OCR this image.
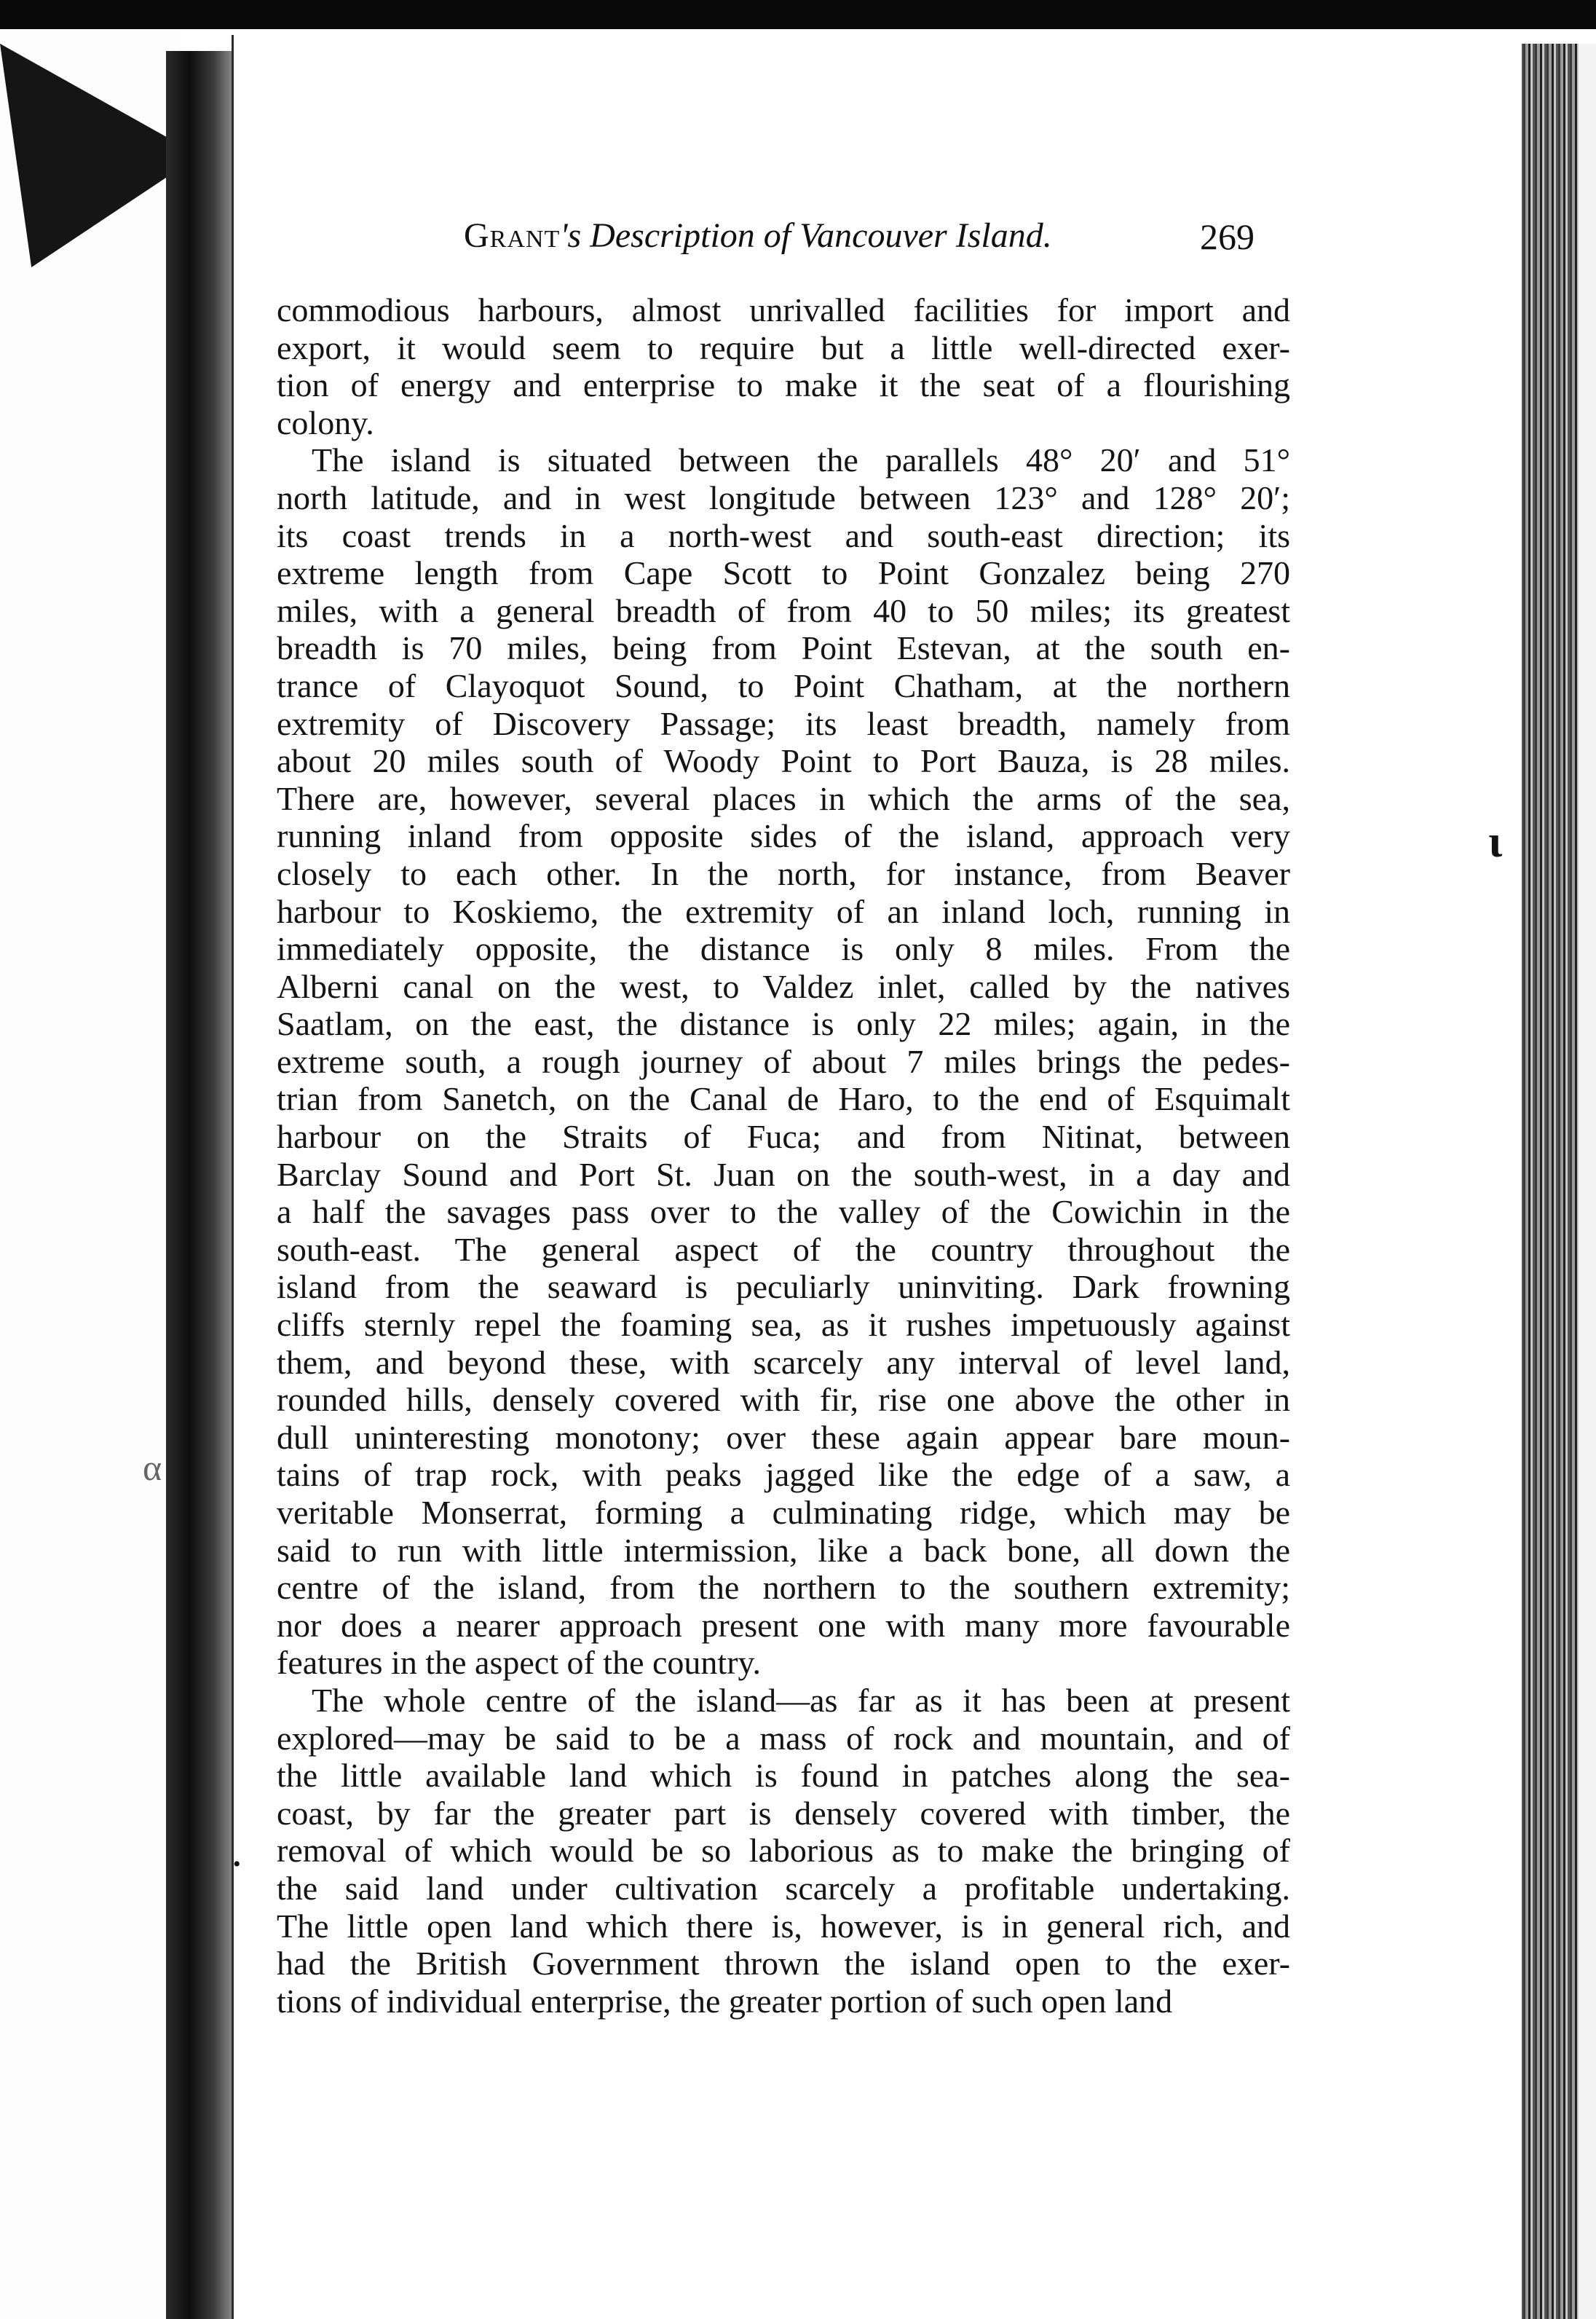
ι
α
•
Grant's Description of Vancouver Island.	269
commodious harbours, almost unrivalled facilities for import and
export, it would seem to require but a little well-directed exer-
tion of energy and enterprise to make it the seat of a flourishing
colony.
The island is situated between the parallels 48° 20′ and 51°
north latitude, and in west longitude between 123° and 128° 20′;
its coast trends in a north-west and south-east direction; its
extreme length from Cape Scott to Point Gonzalez being 270
miles, with a general breadth of from 40 to 50 miles; its greatest
breadth is 70 miles, being from Point Estevan, at the south en-
trance of Clayoquot Sound, to Point Chatham, at the northern
extremity of Discovery Passage; its least breadth, namely from
about 20 miles south of Woody Point to Port Bauza, is 28 miles.
There are, however, several places in which the arms of the sea,
running inland from opposite sides of the island, approach very
closely to each other. In the north, for instance, from Beaver
harbour to Koskiemo, the extremity of an inland loch, running in
immediately opposite, the distance is only 8 miles. From the
Alberni canal on the west, to Valdez inlet, called by the natives
Saatlam, on the east, the distance is only 22 miles; again, in the
extreme south, a rough journey of about 7 miles brings the pedes-
trian from Sanetch, on the Canal de Haro, to the end of Esquimalt
harbour on the Straits of Fuca; and from Nitinat, between
Barclay Sound and Port St. Juan on the south-west, in a day and
a half the savages pass over to the valley of the Cowichin in the
south-east. The general aspect of the country throughout the
island from the seaward is peculiarly uninviting. Dark frowning
cliffs sternly repel the foaming sea, as it rushes impetuously against
them, and beyond these, with scarcely any interval of level land,
rounded hills, densely covered with fir, rise one above the other in
dull uninteresting monotony; over these again appear bare moun-
tains of trap rock, with peaks jagged like the edge of a saw, a
veritable Monserrat, forming a culminating ridge, which may be
said to run with little intermission, like a back bone, all down the
centre of the island, from the northern to the southern extremity;
nor does a nearer approach present one with many more favourable
features in the aspect of the country.
The whole centre of the island—as far as it has been at present
explored—may be said to be a mass of rock and mountain, and of
the little available land which is found in patches along the sea-
coast, by far the greater part is densely covered with timber, the
removal of which would be so laborious as to make the bringing of
the said land under cultivation scarcely a profitable undertaking.
The little open land which there is, however, is in general rich, and
had the British Government thrown the island open to the exer-
tions of individual enterprise, the greater portion of such open land
